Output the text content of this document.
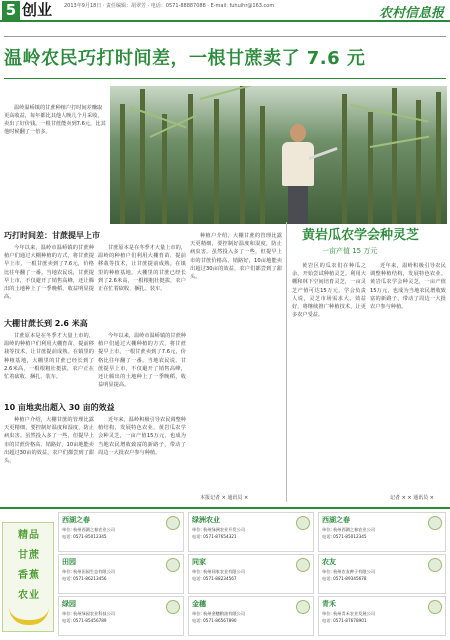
5 创业 2013年9月18日 · 责任编辑：胡翠芳 · 电话：0571-88887088 · E-mail: fuhuihr@163.com	农村信息报
温岭农民巧打时间差，一根甘蔗卖了 7.6 元
温岭温峤镇的甘蔗种植户打时间差赚取更高收益，每年都比其他人晚几个月采收，卖出了好价钱。一根甘蔗能卖到7.6元，比其他时候翻了一倍多。
巧打时间差：甘蔗提早上市
今年以来，温岭市温峤镇的甘蔗种植户们通过大棚种植的方式，将甘蔗提早上市，一根甘蔗卖到了7.6元，价格比往年翻了一番。当地农民说，甘蔗提早上市，不仅避开了销售高峰，还让腾出的土地种上了一季晚稻，收益明显提高。
甘蔗原本是在冬季才大量上市的，温岭的种植户们利用大棚育苗、提前移栽等技术，让甘蔗提前成熟。在镇里的种植基地，大棚里的甘蔗已经长到了2.6米高，一根根粗壮挺拔，农户正在忙着砍收、捆扎、装车。
种植户介绍，大棚甘蔗的管理比露天更精细，要控制好温度和湿度，防止病虫害。虽然投入多了一些，但提早上市的甘蔗价格高、销路好，10亩地能卖出超过30亩的效益，农户们都尝到了甜头。
大棚甘蔗长到 2.6 米高
甘蔗原本是在冬季才大量上市的，温岭的种植户们利用大棚育苗、提前移栽等技术，让甘蔗提前成熟。在镇里的种植基地，大棚里的甘蔗已经长到了2.6米高，一根根粗壮挺拔，农户正在忙着砍收、捆扎、装车。
今年以来，温岭市温峤镇的甘蔗种植户们通过大棚种植的方式，将甘蔗提早上市，一根甘蔗卖到了7.6元，价格比往年翻了一番。当地农民说，甘蔗提早上市，不仅避开了销售高峰，还让腾出的土地种上了一季晚稻，收益明显提高。
10 亩地卖出超入 30 亩的效益
种植户介绍，大棚甘蔗的管理比露天更精细，要控制好温度和湿度，防止病虫害。虽然投入多了一些，但提早上市的甘蔗价格高、销路好，10亩地能卖出超过30亩的效益，农户们都尝到了甜头。
近年来，温岭积极引导农民调整种植结构，发展特色农业。黄岩瓜农学会种灵芝，一亩产值15万元，也成为当地农民增收致富的新路子，带动了周边一大批农户参与种植。
本报记者 × 通讯员 ×
黄岩瓜农学会种灵芝
一亩产值 15 万元
黄岩区的瓜农们在种瓜之余，开始尝试种植灵芝。利用大棚和林下空间培育灵芝，一亩灵芝产值可达15万元。学会负责人说，灵芝市场需求大、效益好，将继续推广种植技术，让更多农户受益。
近年来，温岭积极引导农民调整种植结构，发展特色农业。黄岩瓜农学会种灵芝，一亩产值15万元，也成为当地农民增收致富的新路子，带动了周边一大批农户参与种植。
记者 × × 通讯员 ×
精品
甘蔗
香蕉
农业
西湖之春
单位: 杭州西湖之春农业公司
电话: 0571-85012345
绿洲农业
单位: 杭州绿洲农业开发公司
电话: 0571-87654321
西湖之春
单位: 杭州西湖之春农业公司
电话: 0571-85012345
田园
单位: 杭州田园生态有限公司
电话: 0571-86213456
同家
单位: 杭州同家农业有限公司
电话: 0571-88234567
农友
单位: 杭州农友种子有限公司
电话: 0571-89345678
绿园
单位: 杭州绿园农业科技公司
电话: 0571-85456789
金穗
单位: 杭州金穗粮油有限公司
电话: 0571-86567890
青禾
单位: 杭州青禾农业发展公司
电话: 0571-87678901
